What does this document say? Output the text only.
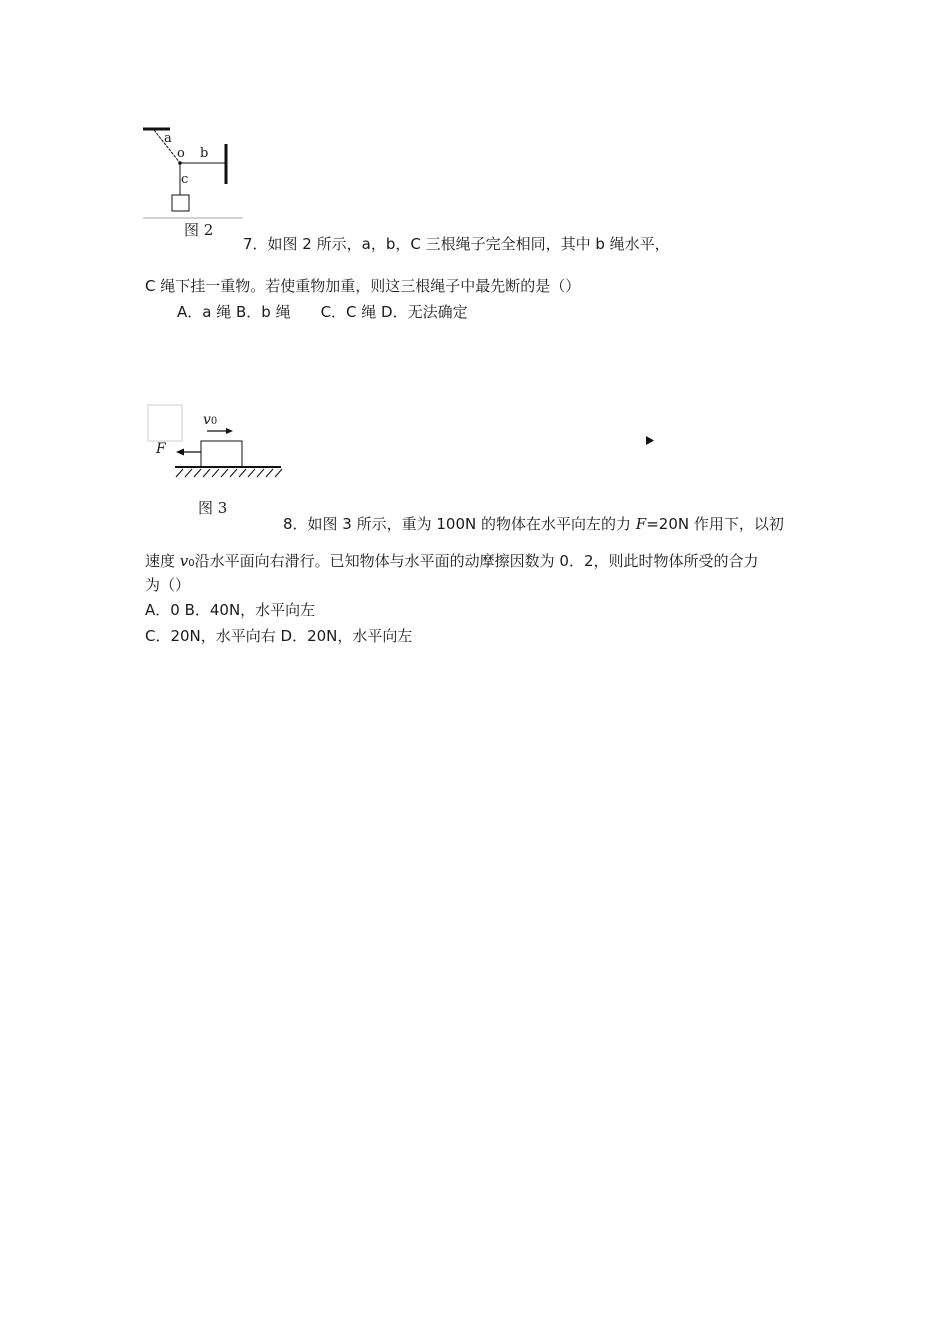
a
o b
c
图 2
7．如图 2 所示，a，b，C 三根绳子完全相同，其中 b 绳水平，
C 绳下挂一重物。若使重物加重，则这三根绳子中最先断的是（）
A．a 绳 B．b 绳　　C．C 绳 D．无法确定
v0
F
图 3
8．如图 3 所示，重为 100N 的物体在水平向左的力 F=20N 作用下，以初
速度 v0沿水平面向右滑行。已知物体与水平面的动摩擦因数为 0．2，则此时物体所受的合力
为（）
A．0 B．40N，水平向左
C．20N，水平向右 D．20N，水平向左
